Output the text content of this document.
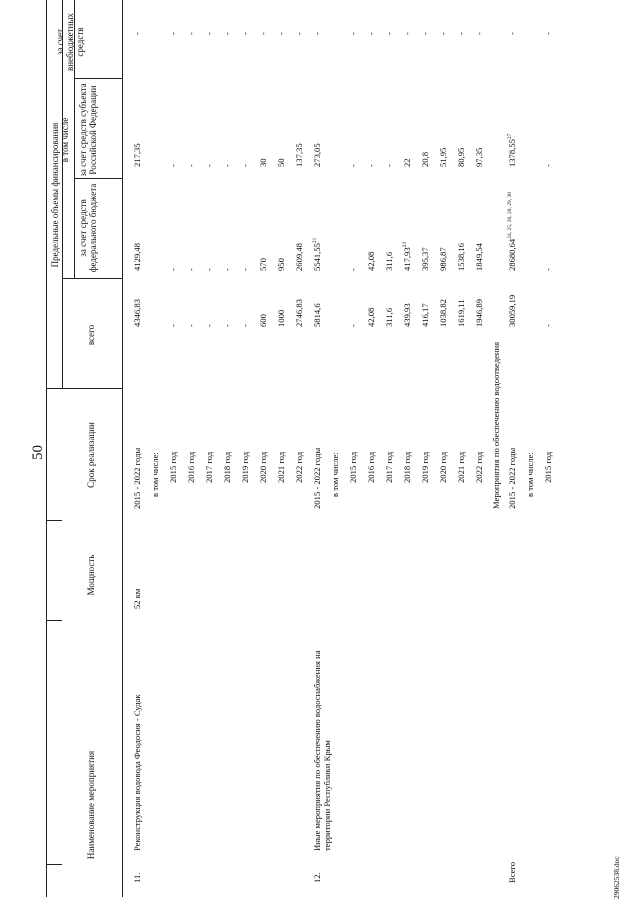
50
Наименование мероприятия
Мощность
Срок реализации
Предельные объемы финансирования
всего
в том числе
за счет средств федерального бюджета
за счет средств субъекта Российской Федерации
за счет внебюджетных средств
11.
Реконструкция водовода Феодосия - Судак
52 км
2015 - 2022 годы
4346,83
4129,48
217,35
-
в том числе: 2015 год
-
-
-
-
2016 год
-
-
-
-
2017 год
-
-
-
-
2018 год
-
-
-
-
2019 год
-
-
-
-
2020 год
600
570
30
-
2021 год
1000
950
50
-
2022 год
2746,83
2609,48
137,35
-
12.
Иные мероприятия по обеспечению водоснабжения на территории Республики Крым
2015 - 2022 годы
5814,6
5541,55$^{21}$
273,05
-
в том числе: 2015 год
-
-
-
-
2016 год
42,08
42,08
-
-
2017 год
311,6
311,6
-
-
2018 год
439,93
417,93$^{23}$
22
-
2019 год
416,17
395,37
20,8
-
2020 год
1038,82
986,87
51,95
-
2021 год
1619,11
1538,16
80,95
-
2022 год
1946,89
1849,54
97,35
-
Мероприятия по обеспечению водоотведения
Всего
2015 - 2022 годы
30059,19
28680,64$^{24, 25, 26, 28, 29, 30}$
1378,55$^{27}$
-
в том числе: 2015 год
-
-
-
-
29062538.doc
